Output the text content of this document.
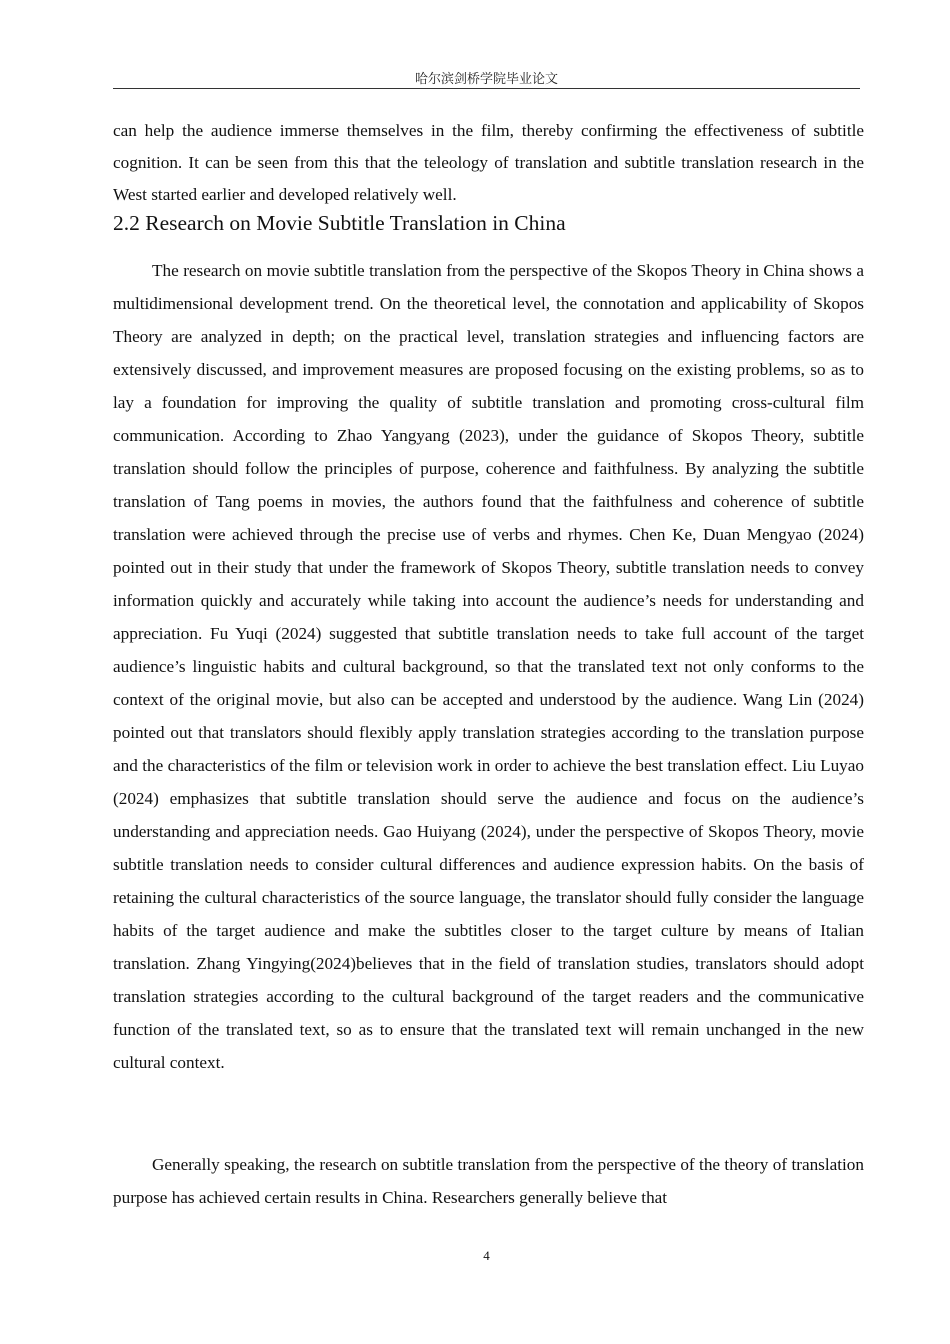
哈尔滨剑桥学院毕业论文

can help the audience immerse themselves in the film, thereby confirming the effectiveness of subtitle cognition. It can be seen from this that the teleology of translation and subtitle translation research in the West started earlier and developed relatively well.

2.2 Research on Movie Subtitle Translation in China

The research on movie subtitle translation from the perspective of the Skopos Theory in China shows a multidimensional development trend. On the theoretical level, the connotation and applicability of Skopos Theory are analyzed in depth; on the practical level, translation strategies and influencing factors are extensively discussed, and improvement measures are proposed focusing on the existing problems, so as to lay a foundation for improving the quality of subtitle translation and promoting cross-cultural film communication. According to Zhao Yangyang (2023), under the guidance of Skopos Theory, subtitle translation should follow the principles of purpose, coherence and faithfulness. By analyzing the subtitle translation of Tang poems in movies, the authors found that the faithfulness and coherence of subtitle translation were achieved through the precise use of verbs and rhymes. Chen Ke, Duan Mengyao (2024) pointed out in their study that under the framework of Skopos Theory, subtitle translation needs to convey information quickly and accurately while taking into account the audience’s needs for understanding and appreciation. Fu Yuqi (2024) suggested that subtitle translation needs to take full account of the target audience’s linguistic habits and cultural background, so that the translated text not only conforms to the context of the original movie, but also can be accepted and understood by the audience. Wang Lin (2024) pointed out that translators should flexibly apply translation strategies according to the translation purpose and the characteristics of the film or television work in order to achieve the best translation effect. Liu Luyao (2024) emphasizes that subtitle translation should serve the audience and focus on the audience’s understanding and appreciation needs. Gao Huiyang (2024), under the perspective of Skopos Theory, movie subtitle translation needs to consider cultural differences and audience expression habits. On the basis of retaining the cultural characteristics of the source language, the translator should fully consider the language habits of the target audience and make the subtitles closer to the target culture by means of Italian translation. Zhang Yingying(2024)believes that in the field of translation studies, translators should adopt translation strategies according to the cultural background of the target readers and the communicative function of the translated text, so as to ensure that the translated text will remain unchanged in the new cultural context.

Generally speaking, the research on subtitle translation from the perspective of the theory of translation purpose has achieved certain results in China. Researchers generally believe that

4
